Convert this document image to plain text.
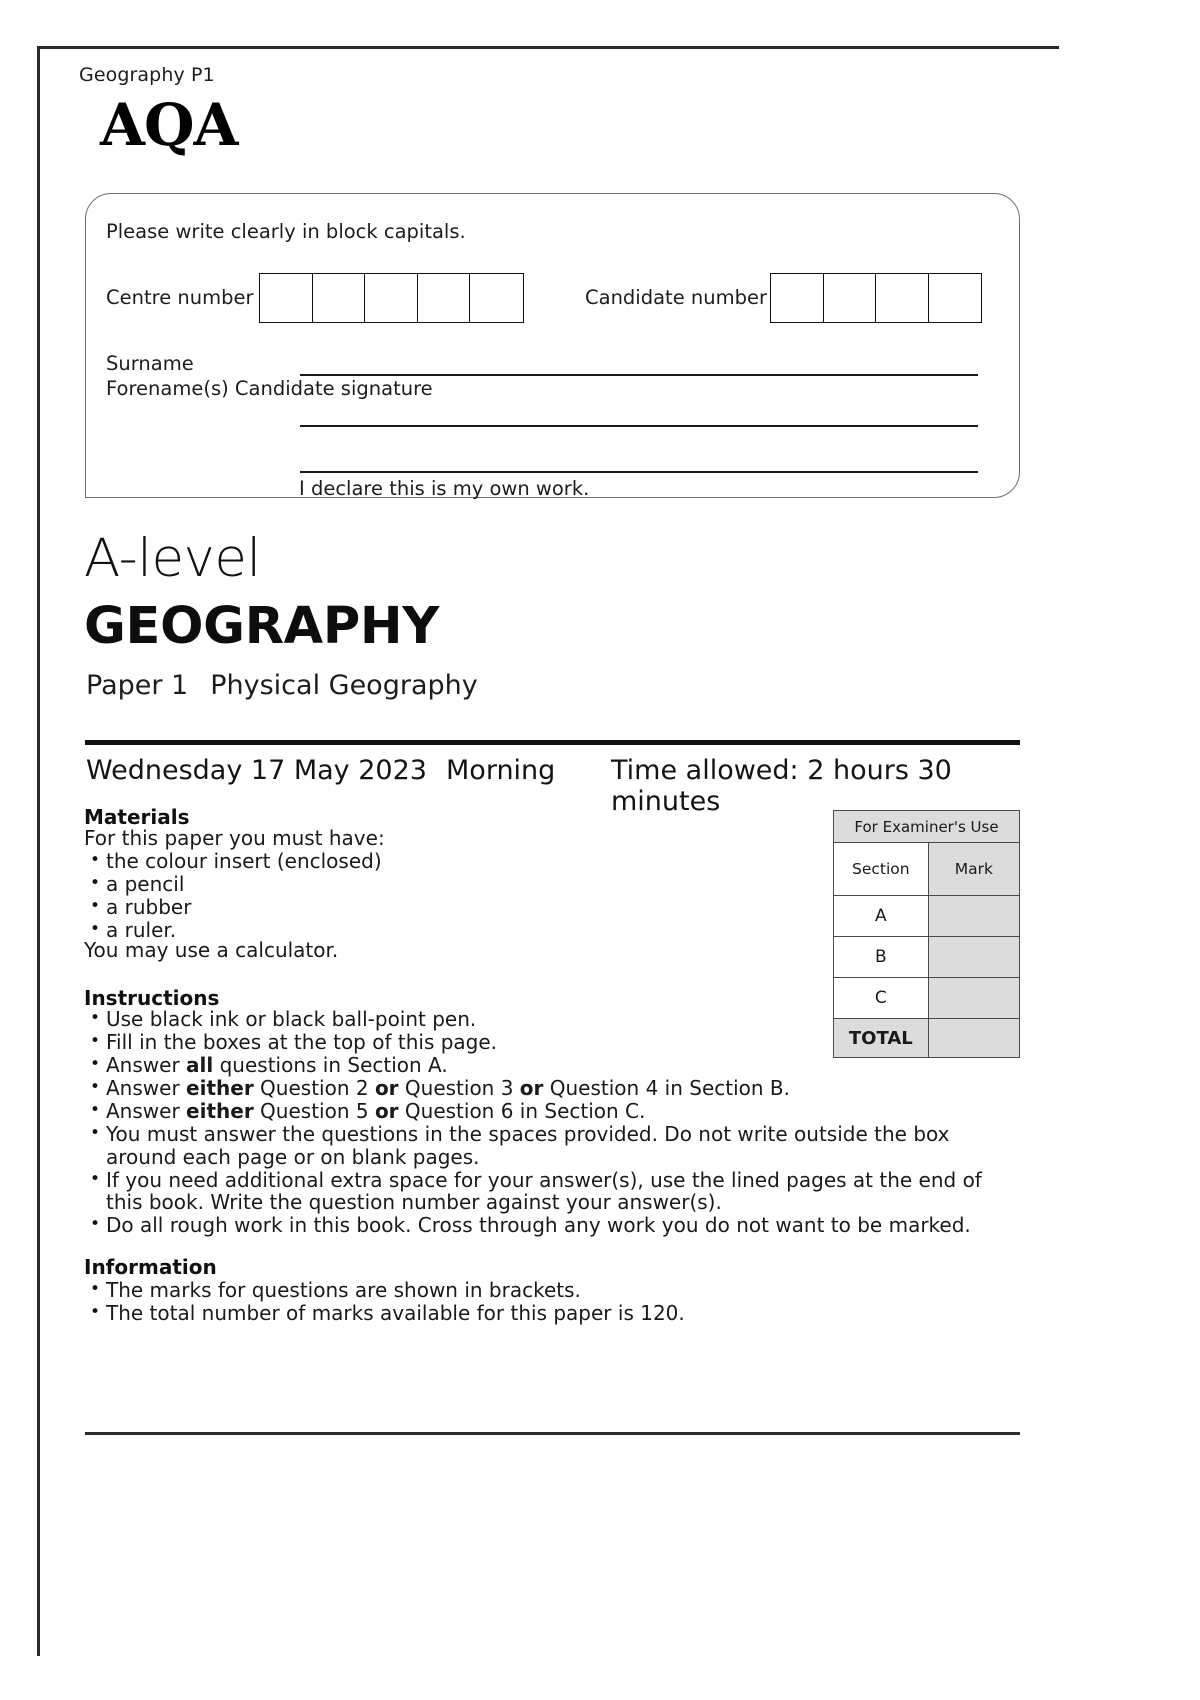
Geography P1
AQA
Please write clearly in block capitals.
Centre number	Candidate number
Surname
Forename(s) Candidate signature
I declare this is my own work.
A-level
GEOGRAPHY
Paper 1 Physical Geography
Wednesday 17 May 2023 Morning Time allowed: 2 hours 30 minutes
Materials
For this paper you must have:
• the colour insert (enclosed)
• a pencil
• a rubber
• a ruler.
You may use a calculator.
Instructions
• Use black ink or black ball-point pen.
• Fill in the boxes at the top of this page.
• Answer all questions in Section A.
• Answer either Question 2 or Question 3 or Question 4 in Section B.
• Answer either Question 5 or Question 6 in Section C.
• You must answer the questions in the spaces provided. Do not write outside the box around each page or on blank pages.
• If you need additional extra space for your answer(s), use the lined pages at the end of this book. Write the question number against your answer(s).
• Do all rough work in this book. Cross through any work you do not want to be marked.
Information
• The marks for questions are shown in brackets.
• The total number of marks available for this paper is 120.
For Examiner's Use	
Section	Mark
A	
B	
C	
TOTAL	
